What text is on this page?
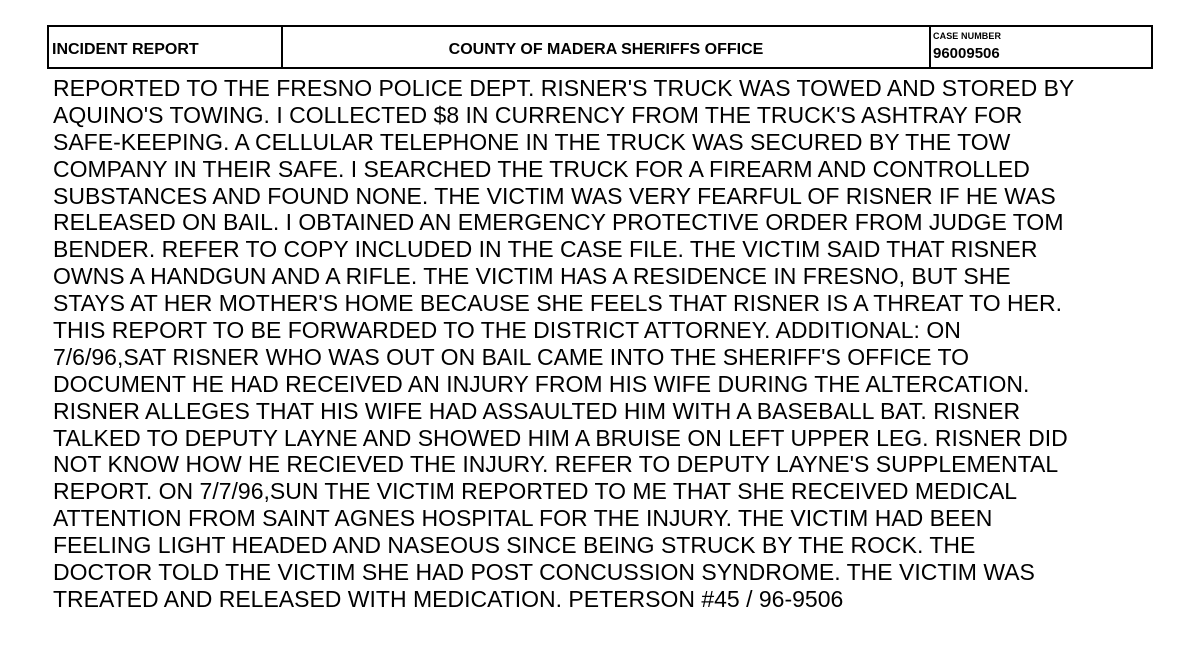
INCIDENT REPORT	COUNTY OF MADERA SHERIFFS OFFICE
CASE NUMBER
96009506
REPORTED TO THE FRESNO POLICE DEPT. RISNER'S TRUCK WAS TOWED AND STORED BY
AQUINO'S TOWING. I COLLECTED $8 IN CURRENCY FROM THE TRUCK'S ASHTRAY FOR
SAFE-KEEPING. A CELLULAR TELEPHONE IN THE TRUCK WAS SECURED BY THE TOW
COMPANY IN THEIR SAFE. I SEARCHED THE TRUCK FOR A FIREARM AND CONTROLLED
SUBSTANCES AND FOUND NONE. THE VICTIM WAS VERY FEARFUL OF RISNER IF HE WAS
RELEASED ON BAIL. I OBTAINED AN EMERGENCY PROTECTIVE ORDER FROM JUDGE TOM
BENDER. REFER TO COPY INCLUDED IN THE CASE FILE. THE VICTIM SAID THAT RISNER
OWNS A HANDGUN AND A RIFLE. THE VICTIM HAS A RESIDENCE IN FRESNO, BUT SHE
STAYS AT HER MOTHER'S HOME BECAUSE SHE FEELS THAT RISNER IS A THREAT TO HER.
THIS REPORT TO BE FORWARDED TO THE DISTRICT ATTORNEY. ADDITIONAL: ON
7/6/96,SAT RISNER WHO WAS OUT ON BAIL CAME INTO THE SHERIFF'S OFFICE TO
DOCUMENT HE HAD RECEIVED AN INJURY FROM HIS WIFE DURING THE ALTERCATION.
RISNER ALLEGES THAT HIS WIFE HAD ASSAULTED HIM WITH A BASEBALL BAT. RISNER
TALKED TO DEPUTY LAYNE AND SHOWED HIM A BRUISE ON LEFT UPPER LEG. RISNER DID
NOT KNOW HOW HE RECIEVED THE INJURY. REFER TO DEPUTY LAYNE'S SUPPLEMENTAL
REPORT. ON 7/7/96,SUN THE VICTIM REPORTED TO ME THAT SHE RECEIVED MEDICAL
ATTENTION FROM SAINT AGNES HOSPITAL FOR THE INJURY. THE VICTIM HAD BEEN
FEELING LIGHT HEADED AND NASEOUS SINCE BEING STRUCK BY THE ROCK. THE
DOCTOR TOLD THE VICTIM SHE HAD POST CONCUSSION SYNDROME. THE VICTIM WAS
TREATED AND RELEASED WITH MEDICATION. PETERSON #45 / 96-9506
